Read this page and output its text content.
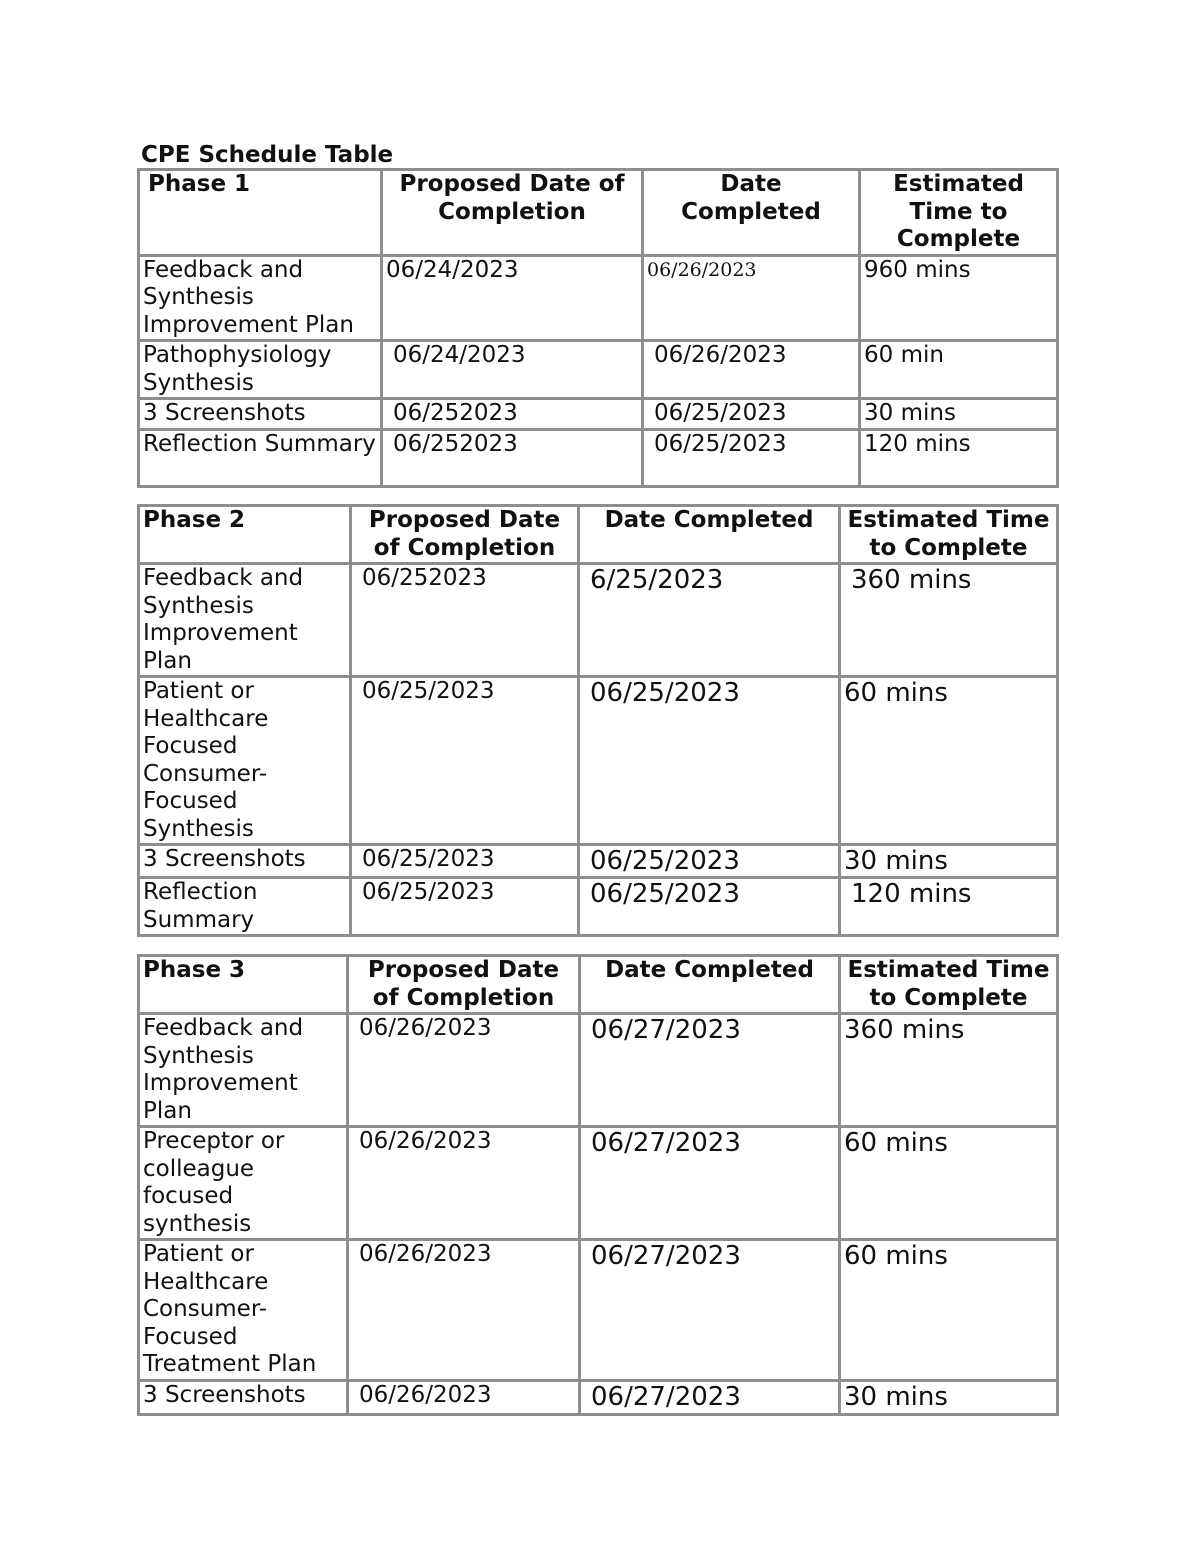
CPE Schedule Table
Phase 1	Proposed Date of Completion	Date Completed	Estimated Time to Complete
Feedback and Synthesis Improvement Plan	06/24/2023	06/26/2023	960 mins
Pathophysiology Synthesis	06/24/2023	06/26/2023	60 min
3 Screenshots	06/252023	06/25/2023	30 mins
Reflection Summary	06/252023	06/25/2023	120 mins
Phase 2	Proposed Date of Completion	Date Completed	Estimated Time to Complete
Feedback and Synthesis Improvement Plan	06/252023	6/25/2023	360 mins
Patient or Healthcare Focused Consumer-Focused Synthesis	06/25/2023	06/25/2023	60 mins
3 Screenshots	06/25/2023	06/25/2023	30 mins
Reflection Summary	06/25/2023	06/25/2023	120 mins
Phase 3	Proposed Date of Completion	Date Completed	Estimated Time to Complete
Feedback and Synthesis Improvement Plan	06/26/2023	06/27/2023	360 mins
Preceptor or colleague focused synthesis	06/26/2023	06/27/2023	60 mins
Patient or Healthcare Consumer-Focused Treatment Plan	06/26/2023	06/27/2023	60 mins
3 Screenshots	06/26/2023	06/27/2023	30 mins
